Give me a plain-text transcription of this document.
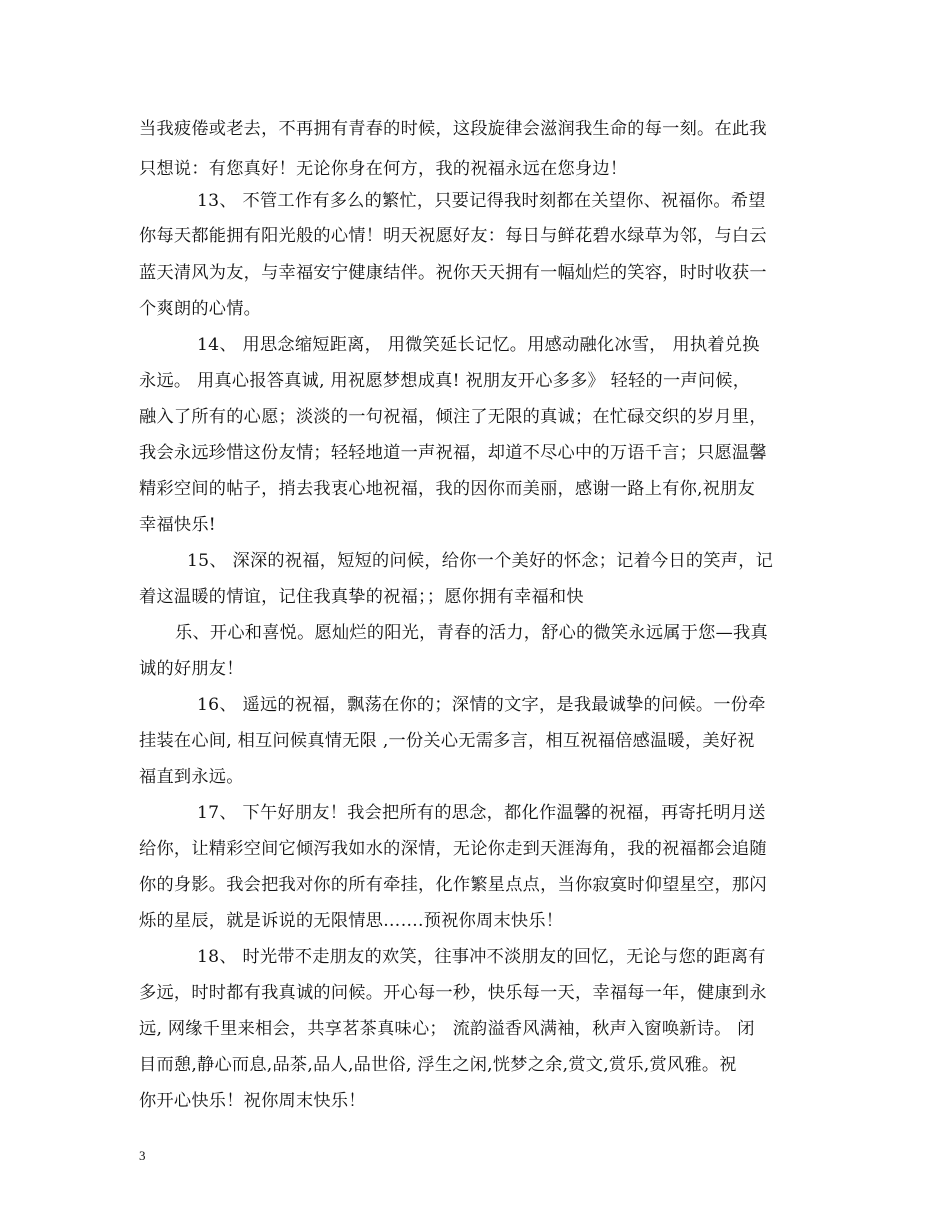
当我疲倦或老去，不再拥有青春的时候，这段旋律会滋润我生命的每一刻。在此我
只想说：有您真好！无论你身在何方，我的祝福永远在您身边！
13、 不管工作有多么的繁忙，只要记得我时刻都在关望你、祝福你。希望
你每天都能拥有阳光般的心情！明天祝愿好友：每日与鲜花碧水绿草为邻，与白云
蓝天清风为友，与幸福安宁健康结伴。祝你天天拥有一幅灿烂的笑容，时时收获一
个爽朗的心情。
14、 用思念缩短距离， 用微笑延长记忆。用感动融化冰雪， 用执着兑换
永远。 用真心报答真诚, 用祝愿梦想成真! 祝朋友开心多多》 轻轻的一声问候，
融入了所有的心愿；淡淡的一句祝福，倾注了无限的真诚；在忙碌交织的岁月里，
我会永远珍惜这份友情；轻轻地道一声祝福，却道不尽心中的万语千言；只愿温馨
精彩空间的帖子，捎去我衷心地祝福，我的因你而美丽，感谢一路上有你,祝朋友
幸福快乐!
15、 深深的祝福，短短的问候，给你一个美好的怀念；记着今日的笑声，记
着这温暖的情谊，记住我真挚的祝福；；愿你拥有幸福和快
乐、开心和喜悦。愿灿烂的阳光，青春的活力，舒心的微笑永远属于您—我真
诚的好朋友！
16、 遥远的祝福，飘荡在你的；深情的文字，是我最诚挚的问候。一份牵
挂装在心间, 相互问候真情无限 ,一份关心无需多言，相互祝福倍感温暖，美好祝
福直到永远。
17、 下午好朋友！我会把所有的思念，都化作温馨的祝福，再寄托明月送
给你，让精彩空间它倾泻我如水的深情，无论你走到天涯海角，我的祝福都会追随
你的身影。我会把我对你的所有牵挂，化作繁星点点，当你寂寞时仰望星空，那闪
烁的星辰，就是诉说的无限情思…….预祝你周末快乐！
18、 时光带不走朋友的欢笑，往事冲不淡朋友的回忆，无论与您的距离有
多远，时时都有我真诚的问候。开心每一秒，快乐每一天，幸福每一年，健康到永
远, 网缘千里来相会，共享茗茶真味心； 流韵溢香风满袖，秋声入窗唤新诗。 闭
目而憩,静心而息,品茶,品人,品世俗, 浮生之闲,恍梦之余,赏文,赏乐,赏风雅。祝
你开心快乐！祝你周末快乐！
3
